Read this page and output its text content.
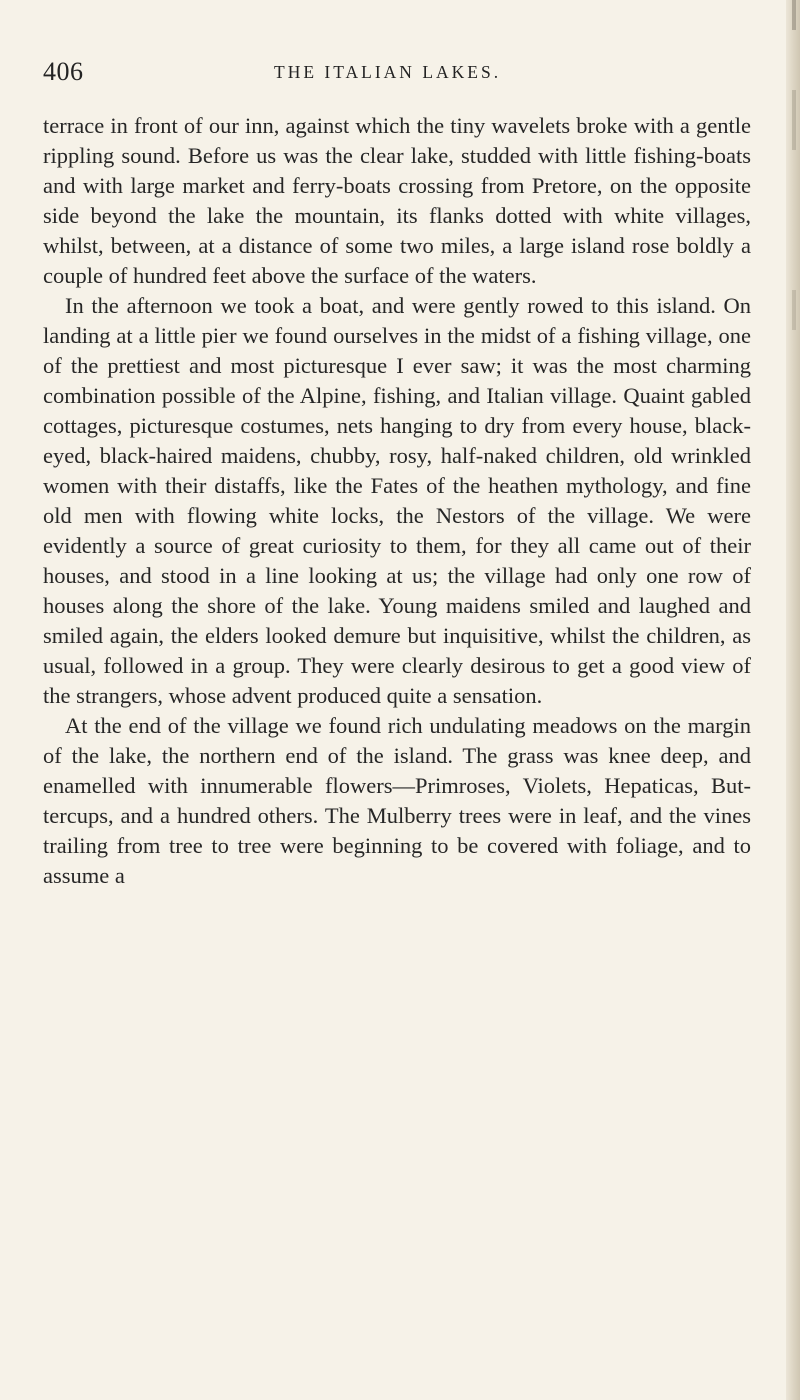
406	THE ITALIAN LAKES.

terrace in front of our inn, against which the tiny wavelets broke with a gentle rippling sound. Before us was the clear lake, studded with little fishing-boats and with large market and ferry-boats crossing from Pretore, on the opposite side beyond the lake the mountain, its flanks dotted with white villages, whilst, between, at a distance of some two miles, a large island rose boldly a couple of hundred feet above the surface of the waters.

In the afternoon we took a boat, and were gently rowed to this island. On landing at a little pier we found ourselves in the midst of a fishing village, one of the prettiest and most picturesque I ever saw; it was the most charming combination possible of the Alpine, fishing, and Italian village. Quaint gabled cottages, picturesque costumes, nets hanging to dry from every house, black-eyed, black-haired maidens, chubby, rosy, half-naked children, old wrinkled women with their distaffs, like the Fates of the heathen mythology, and fine old men with flowing white locks, the Nestors of the village. We were evidently a source of great curiosity to them, for they all came out of their houses, and stood in a line looking at us; the village had only one row of houses along the shore of the lake. Young maidens smiled and laughed and smiled again, the elders looked demure but inquisitive, whilst the children, as usual, followed in a group. They were clearly desirous to get a good view of the strangers, whose advent produced quite a sensation.

At the end of the village we found rich undulating meadows on the margin of the lake, the northern end of the island. The grass was knee deep, and enamelled with innumerable flowers—Primroses, Violets, Hepaticas, Buttercups, and a hundred others. The Mulberry trees were in leaf, and the vines trailing from tree to tree were beginning to be covered with foliage, and to assume a
